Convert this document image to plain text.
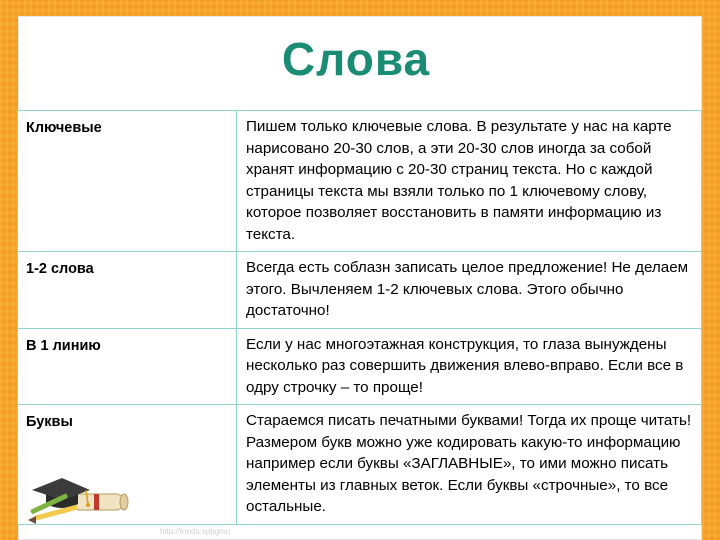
Слова
Ключевые	Пишем только ключевые слова. В результате у нас на карте нарисовано 20-30 слов, а эти 20-30 слов иногда за собой хранят информацию с 20-30 страниц текста. Но с каждой страницы текста мы взяли только по 1 ключевому слову, которое позволяет восстановить в памяти информацию из текста.
1-2 слова	Всегда есть соблазн записать целое предложение! Не делаем этого. Вычленяем 1-2 ключевых слова. Этого обычно достаточно!
В 1 линию	Если у нас многоэтажная конструкция, то глаза вынуждены несколько раз совершить движения влево-вправо. Если все в одру строчку – то проще!
Буквы	Стараемся писать печатными буквами! Тогда их проще читать! Размером букв можно уже кодировать какую-то информацию например если буквы «ЗАГЛАВНЫЕ», то ими можно писать элементы из главных веток. Если буквы «строчные», то все остальные.
http://lrmds.spbgmu
